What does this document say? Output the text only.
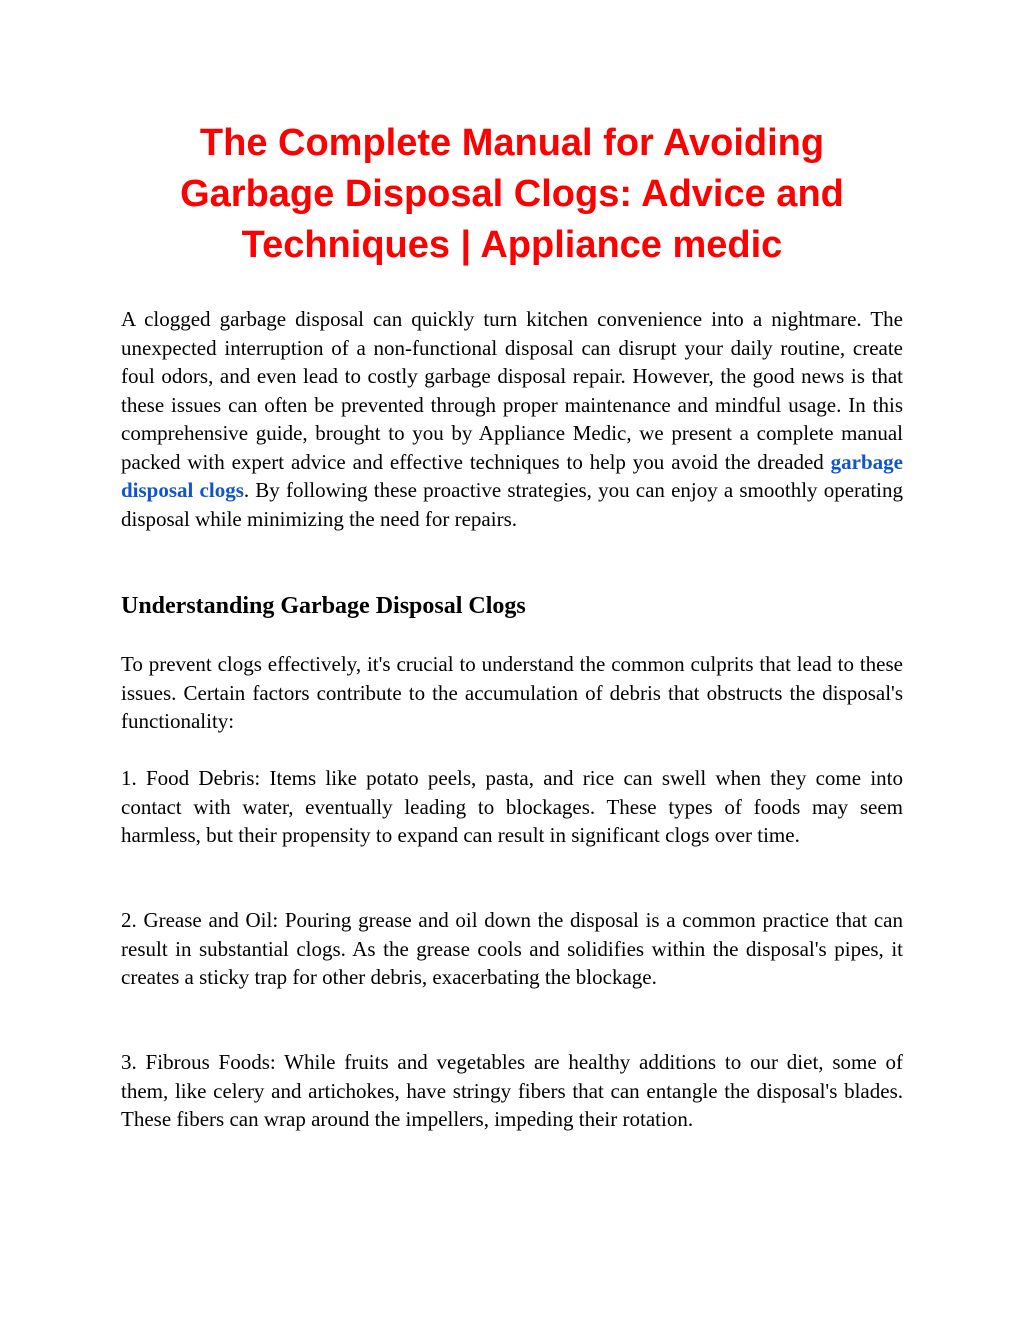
The Complete Manual for Avoiding Garbage Disposal Clogs: Advice and Techniques | Appliance medic

A clogged garbage disposal can quickly turn kitchen convenience into a nightmare. The unexpected interruption of a non-functional disposal can disrupt your daily routine, create foul odors, and even lead to costly garbage disposal repair. However, the good news is that these issues can often be prevented through proper maintenance and mindful usage. In this comprehensive guide, brought to you by Appliance Medic, we present a complete manual packed with expert advice and effective techniques to help you avoid the dreaded garbage disposal clogs. By following these proactive strategies, you can enjoy a smoothly operating disposal while minimizing the need for repairs.

Understanding Garbage Disposal Clogs

To prevent clogs effectively, it's crucial to understand the common culprits that lead to these issues. Certain factors contribute to the accumulation of debris that obstructs the disposal's functionality:

1. Food Debris: Items like potato peels, pasta, and rice can swell when they come into contact with water, eventually leading to blockages. These types of foods may seem harmless, but their propensity to expand can result in significant clogs over time.

2. Grease and Oil: Pouring grease and oil down the disposal is a common practice that can result in substantial clogs. As the grease cools and solidifies within the disposal's pipes, it creates a sticky trap for other debris, exacerbating the blockage.

3. Fibrous Foods: While fruits and vegetables are healthy additions to our diet, some of them, like celery and artichokes, have stringy fibers that can entangle the disposal's blades. These fibers can wrap around the impellers, impeding their rotation.
